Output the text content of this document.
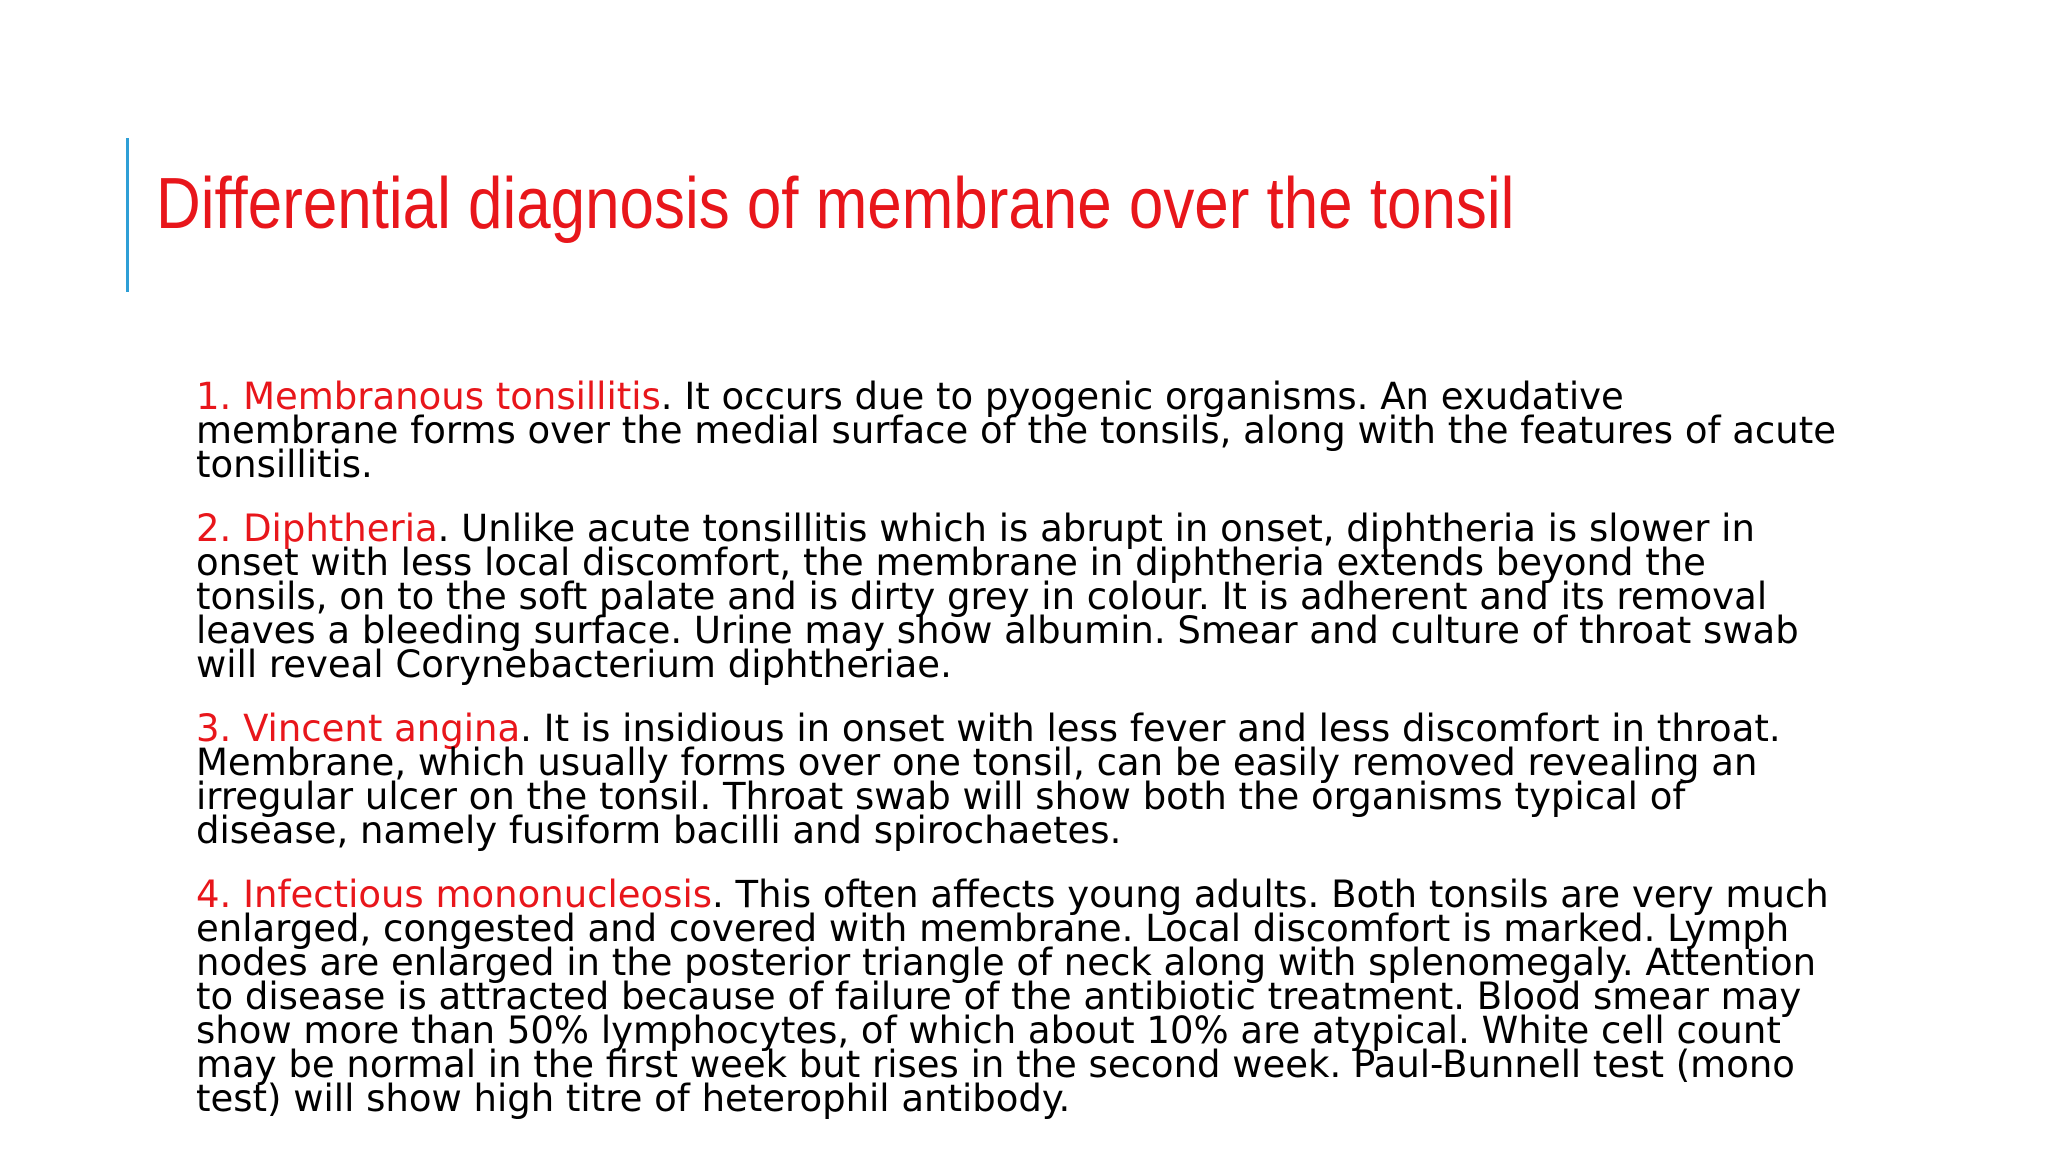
Differential diagnosis of membrane over the tonsil

1. Membranous tonsillitis. It occurs due to pyogenic organisms. An exudative membrane forms over the medial surface of the tonsils, along with the features of acute tonsillitis.

2. Diphtheria. Unlike acute tonsillitis which is abrupt in onset, diphtheria is slower in onset with less local discomfort, the membrane in diphtheria extends beyond the tonsils, on to the soft palate and is dirty grey in colour. It is adherent and its removal leaves a bleeding surface. Urine may show albumin. Smear and culture of throat swab will reveal Corynebacterium diphtheriae.

3. Vincent angina. It is insidious in onset with less fever and less discomfort in throat. Membrane, which usually forms over one tonsil, can be easily removed revealing an irregular ulcer on the tonsil. Throat swab will show both the organisms typical of disease, namely fusiform bacilli and spirochaetes.

4. Infectious mononucleosis. This often affects young adults. Both tonsils are very much enlarged, congested and covered with membrane. Local discomfort is marked. Lymph nodes are enlarged in the posterior triangle of neck along with splenomegaly. Attention to disease is attracted because of failure of the antibiotic treatment. Blood smear may show more than 50% lymphocytes, of which about 10% are atypical. White cell count may be normal in the first week but rises in the second week. Paul-Bunnell test (mono test) will show high titre of heterophil antibody.
